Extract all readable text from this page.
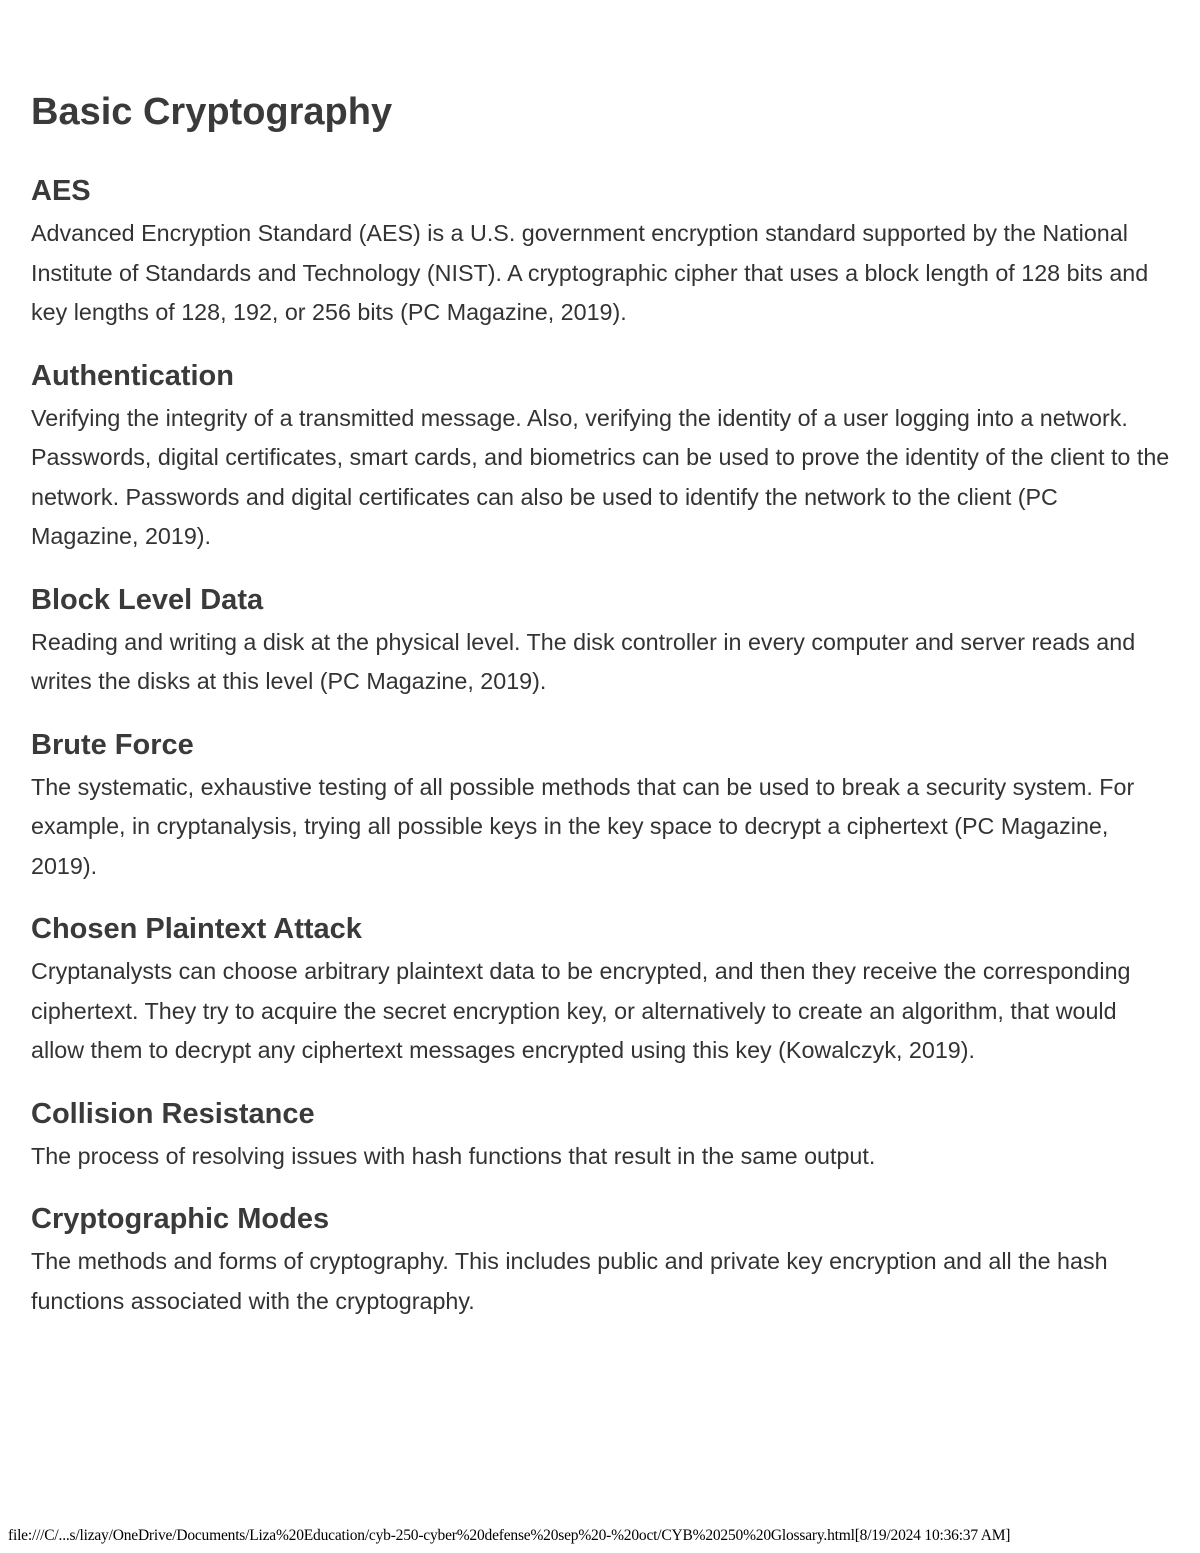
Basic Cryptography
AES

Advanced Encryption Standard (AES) is a U.S. government encryption standard supported by the National Institute of Standards and Technology (NIST). A cryptographic cipher that uses a block length of 128 bits and key lengths of 128, 192, or 256 bits (PC Magazine, 2019).

Authentication

Verifying the integrity of a transmitted message. Also, verifying the identity of a user logging into a network. Passwords, digital certificates, smart cards, and biometrics can be used to prove the identity of the client to the network. Passwords and digital certificates can also be used to identify the network to the client (PC Magazine, 2019).

Block Level Data

Reading and writing a disk at the physical level. The disk controller in every computer and server reads and writes the disks at this level (PC Magazine, 2019).

Brute Force

The systematic, exhaustive testing of all possible methods that can be used to break a security system. For example, in cryptanalysis, trying all possible keys in the key space to decrypt a ciphertext (PC Magazine, 2019).

Chosen Plaintext Attack

Cryptanalysts can choose arbitrary plaintext data to be encrypted, and then they receive the corresponding ciphertext. They try to acquire the secret encryption key, or alternatively to create an algorithm, that would allow them to decrypt any ciphertext messages encrypted using this key (Kowalczyk, 2019).

Collision Resistance

The process of resolving issues with hash functions that result in the same output.

Cryptographic Modes

The methods and forms of cryptography. This includes public and private key encryption and all the hash functions associated with the cryptography.

file:///C/...s/lizay/OneDrive/Documents/Liza%20Education/cyb-250-cyber%20defense%20sep%20-%20oct/CYB%20250%20Glossary.html[8/19/2024 10:36:37 AM]
